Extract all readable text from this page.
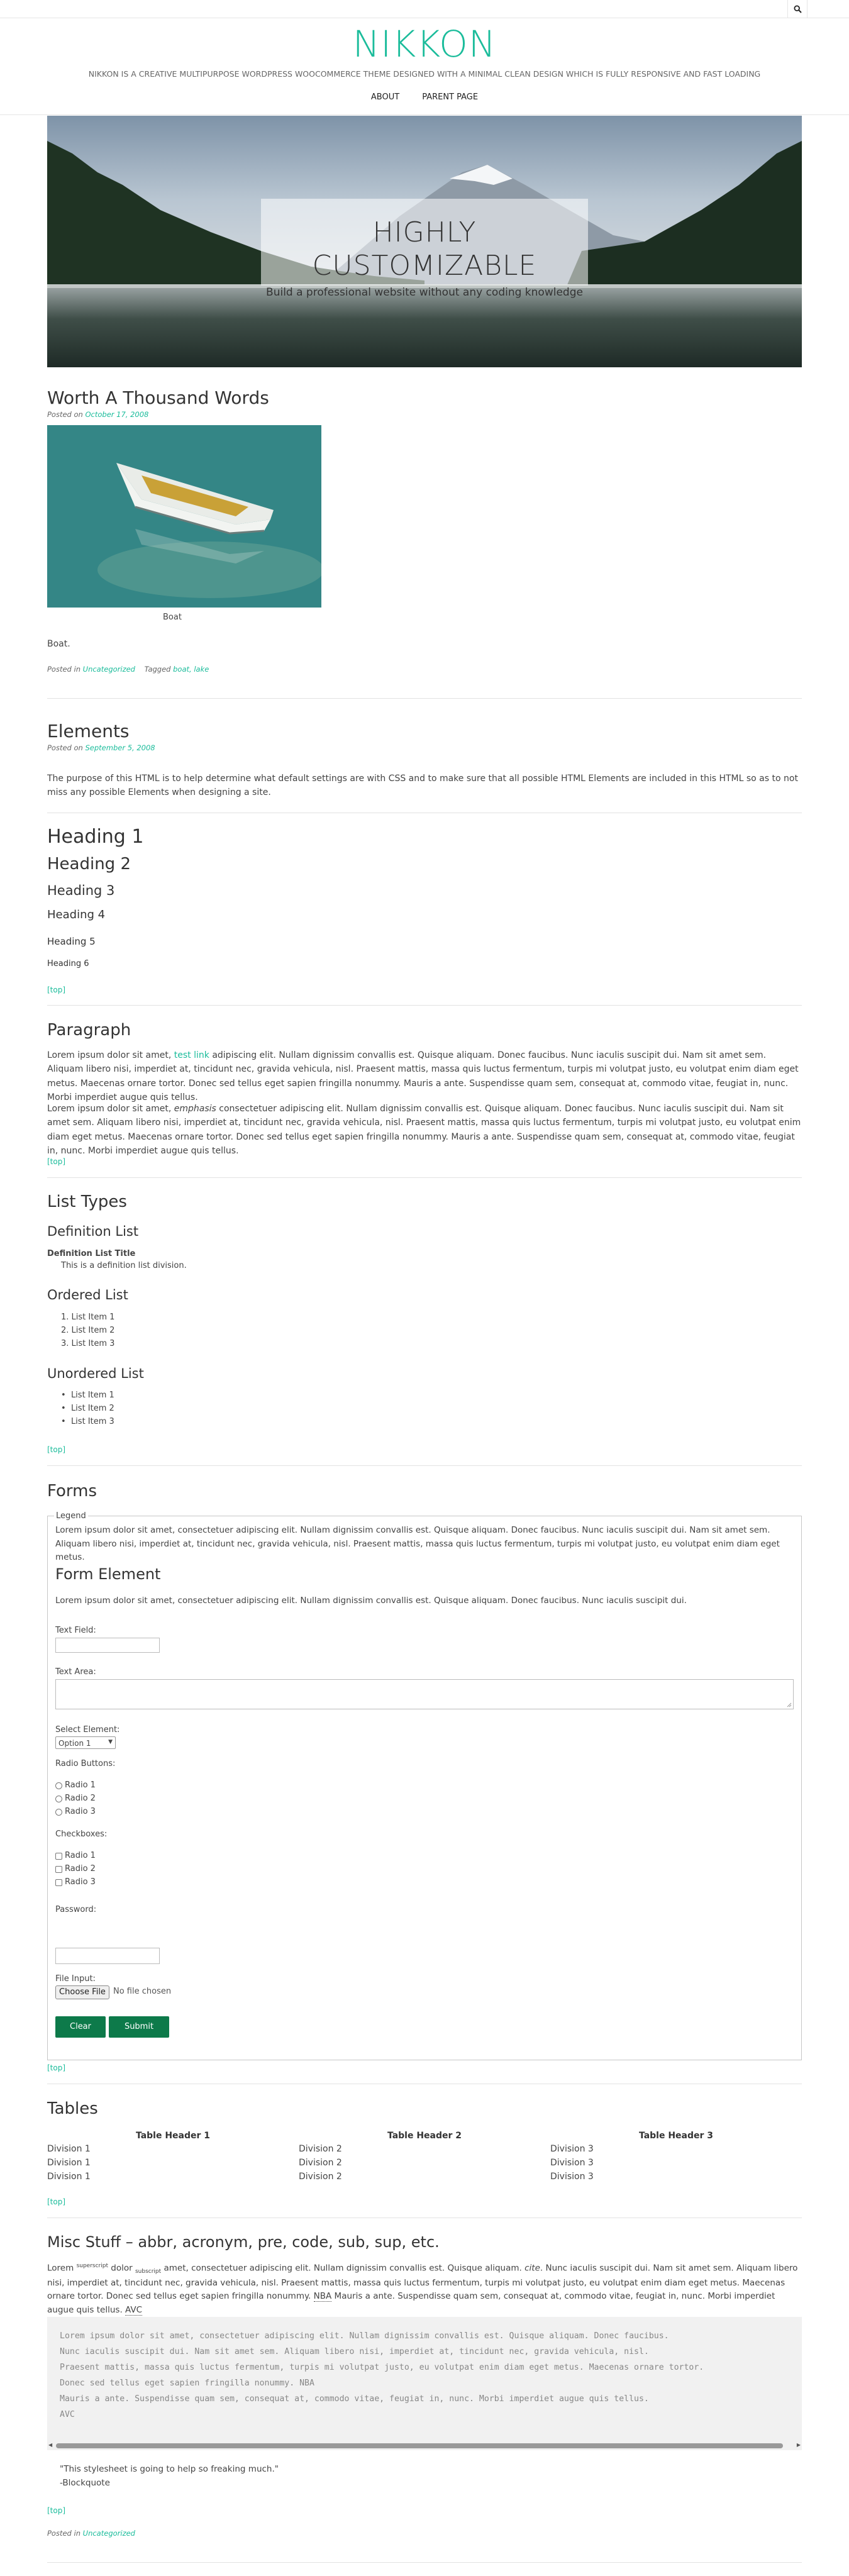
NIKKON
NIKKON IS A CREATIVE MULTIPURPOSE WORDPRESS WOOCOMMERCE THEME DESIGNED WITH A MINIMAL CLEAN DESIGN WHICH IS FULLY RESPONSIVE AND FAST LOADING
ABOUT	PARENT PAGE
HIGHLY CUSTOMIZABLE
Build a professional website without any coding knowledge
Worth A Thousand Words
Posted on October 17, 2008
Boat
Boat.
Posted in Uncategorized Tagged boat, lake
Elements
Posted on September 5, 2008
The purpose of this HTML is to help determine what default settings are with CSS and to make sure that all possible HTML Elements are included in this HTML so as to not miss any possible Elements when designing a site.
Heading 1
Heading 2
Heading 3
Heading 4
Heading 5
Heading 6
[top]
Paragraph
Lorem ipsum dolor sit amet, test link adipiscing elit. Nullam dignissim convallis est. Quisque aliquam. Donec faucibus. Nunc iaculis suscipit dui. Nam sit amet sem. Aliquam libero nisi, imperdiet at, tincidunt nec, gravida vehicula, nisl. Praesent mattis, massa quis luctus fermentum, turpis mi volutpat justo, eu volutpat enim diam eget metus. Maecenas ornare tortor. Donec sed tellus eget sapien fringilla nonummy. Mauris a ante. Suspendisse quam sem, consequat at, commodo vitae, feugiat in, nunc. Morbi imperdiet augue quis tellus.
Lorem ipsum dolor sit amet, emphasis consectetuer adipiscing elit. Nullam dignissim convallis est. Quisque aliquam. Donec faucibus. Nunc iaculis suscipit dui. Nam sit amet sem. Aliquam libero nisi, imperdiet at, tincidunt nec, gravida vehicula, nisl. Praesent mattis, massa quis luctus fermentum, turpis mi volutpat justo, eu volutpat enim diam eget metus. Maecenas ornare tortor. Donec sed tellus eget sapien fringilla nonummy. Mauris a ante. Suspendisse quam sem, consequat at, commodo vitae, feugiat in, nunc. Morbi imperdiet augue quis tellus.
[top]
List Types
Definition List
Definition List Title
This is a definition list division.
Ordered List
1. List Item 1
2. List Item 2
3. List Item 3
Unordered List
•  List Item 1
•  List Item 2
•  List Item 3
[top]
Forms
Legend
Lorem ipsum dolor sit amet, consectetuer adipiscing elit. Nullam dignissim convallis est. Quisque aliquam. Donec faucibus. Nunc iaculis suscipit dui. Nam sit amet sem. Aliquam libero nisi, imperdiet at, tincidunt nec, gravida vehicula, nisl. Praesent mattis, massa quis luctus fermentum, turpis mi volutpat justo, eu volutpat enim diam eget metus.
Form Element
Lorem ipsum dolor sit amet, consectetuer adipiscing elit. Nullam dignissim convallis est. Quisque aliquam. Donec faucibus. Nunc iaculis suscipit dui.
Text Field:
Text Area:
Select Element:
Option 1	▼
Radio Buttons:
Radio 1
Radio 2
Radio 3
Checkboxes:
Radio 1
Radio 2
Radio 3
Password:
File Input:
Choose File No file chosen
Clear	Submit
[top]
Tables
Table Header 1	Table Header 2	Table Header 3
Division 1	Division 2	Division 3
Division 1	Division 2	Division 3
Division 1	Division 2	Division 3
[top]
Misc Stuff – abbr, acronym, pre, code, sub, sup, etc.
Lorem $^{superscript}$ dolor $_{subscript}$ amet, consectetuer adipiscing elit. Nullam dignissim convallis est. Quisque aliquam. cite. Nunc iaculis suscipit dui. Nam sit amet sem. Aliquam libero nisi, imperdiet at, tincidunt nec, gravida vehicula, nisl. Praesent mattis, massa quis luctus fermentum, turpis mi volutpat justo, eu volutpat enim diam eget metus. Maecenas ornare tortor. Donec sed tellus eget sapien fringilla nonummy. NBA Mauris a ante. Suspendisse quam sem, consequat at, commodo vitae, feugiat in, nunc. Morbi imperdiet augue quis tellus. AVC
Lorem ipsum dolor sit amet, consectetuer adipiscing elit. Nullam dignissim convallis est. Quisque aliquam. Donec faucibus.
Nunc iaculis suscipit dui. Nam sit amet sem. Aliquam libero nisi, imperdiet at, tincidunt nec, gravida vehicula, nisl.
Praesent mattis, massa quis luctus fermentum, turpis mi volutpat justo, eu volutpat enim diam eget metus. Maecenas ornare tortor.
Donec sed tellus eget sapien fringilla nonummy. NBA
Mauris a ante. Suspendisse quam sem, consequat at, commodo vitae, feugiat in, nunc. Morbi imperdiet augue quis tellus.
AVC
◀	▶
"This stylesheet is going to help so freaking much."
-Blockquote
[top]
Posted in Uncategorized
